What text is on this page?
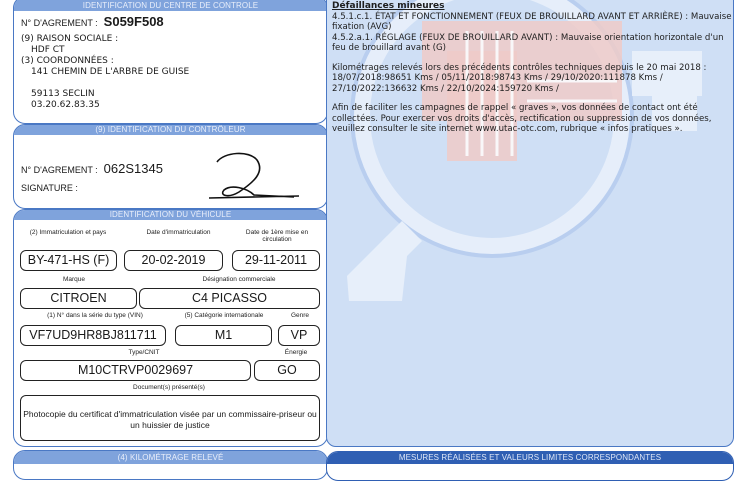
IDENTIFICATION DU CENTRE DE CONTROLE
N° D'AGREMENT : S059F508
(9) RAISON SOCIALE :
HDF CT
(3) COORDONNÉES :
141 CHEMIN DE L'ARBRE DE GUISE
59113 SECLIN
03.20.62.83.35
(9) IDENTIFICATION DU CONTRÔLEUR
N° D'AGREMENT : 062S1345
SIGNATURE :
IDENTIFICATION DU VÉHICULE
(2) Immatriculation et pays	Date d'immatriculation	Date de 1ère mise en circulation
BY-471-HS (F)	20-02-2019	29-11-2011
Marque	Désignation commerciale
CITROEN	C4 PICASSO
(1) N° dans la série du type (VIN)	(5) Catégorie internationale	Genre
VF7UD9HR8BJ811711	M1	VP
Type/CNIT	Énergie
M10CTRVP0029697	GO
Document(s) présenté(s)
Photocopie du certificat d'immatriculation visée par un commissaire-priseur ou un huissier de justice
(4) KILOMÉTRAGE RELEVÉ
Défaillances mineures
4.5.1.c.1. ÉTAT ET FONCTIONNEMENT (FEUX DE BROUILLARD AVANT ET ARRIÈRE) : Mauvaise fixation (AVG)
4.5.2.a.1. RÉGLAGE (FEUX DE BROUILLARD AVANT) : Mauvaise orientation horizontale d'un feu de brouillard avant (G)
Kilométrages relevés lors des précédents contrôles techniques depuis le 20 mai 2018 :
18/07/2018:98651 Kms / 05/11/2018:98743 Kms / 29/10/2020:111878 Kms / 27/10/2022:136632 Kms / 22/10/2024:159720 Kms /
Afin de faciliter les campagnes de rappel « graves », vos données de contact ont été collectées. Pour exercer vos droits d'accès, rectification ou suppression de vos données, veuillez consulter le site internet www.utac-otc.com, rubrique « infos pratiques ».
MESURES RÉALISÉES ET VALEURS LIMITES CORRESPONDANTES
